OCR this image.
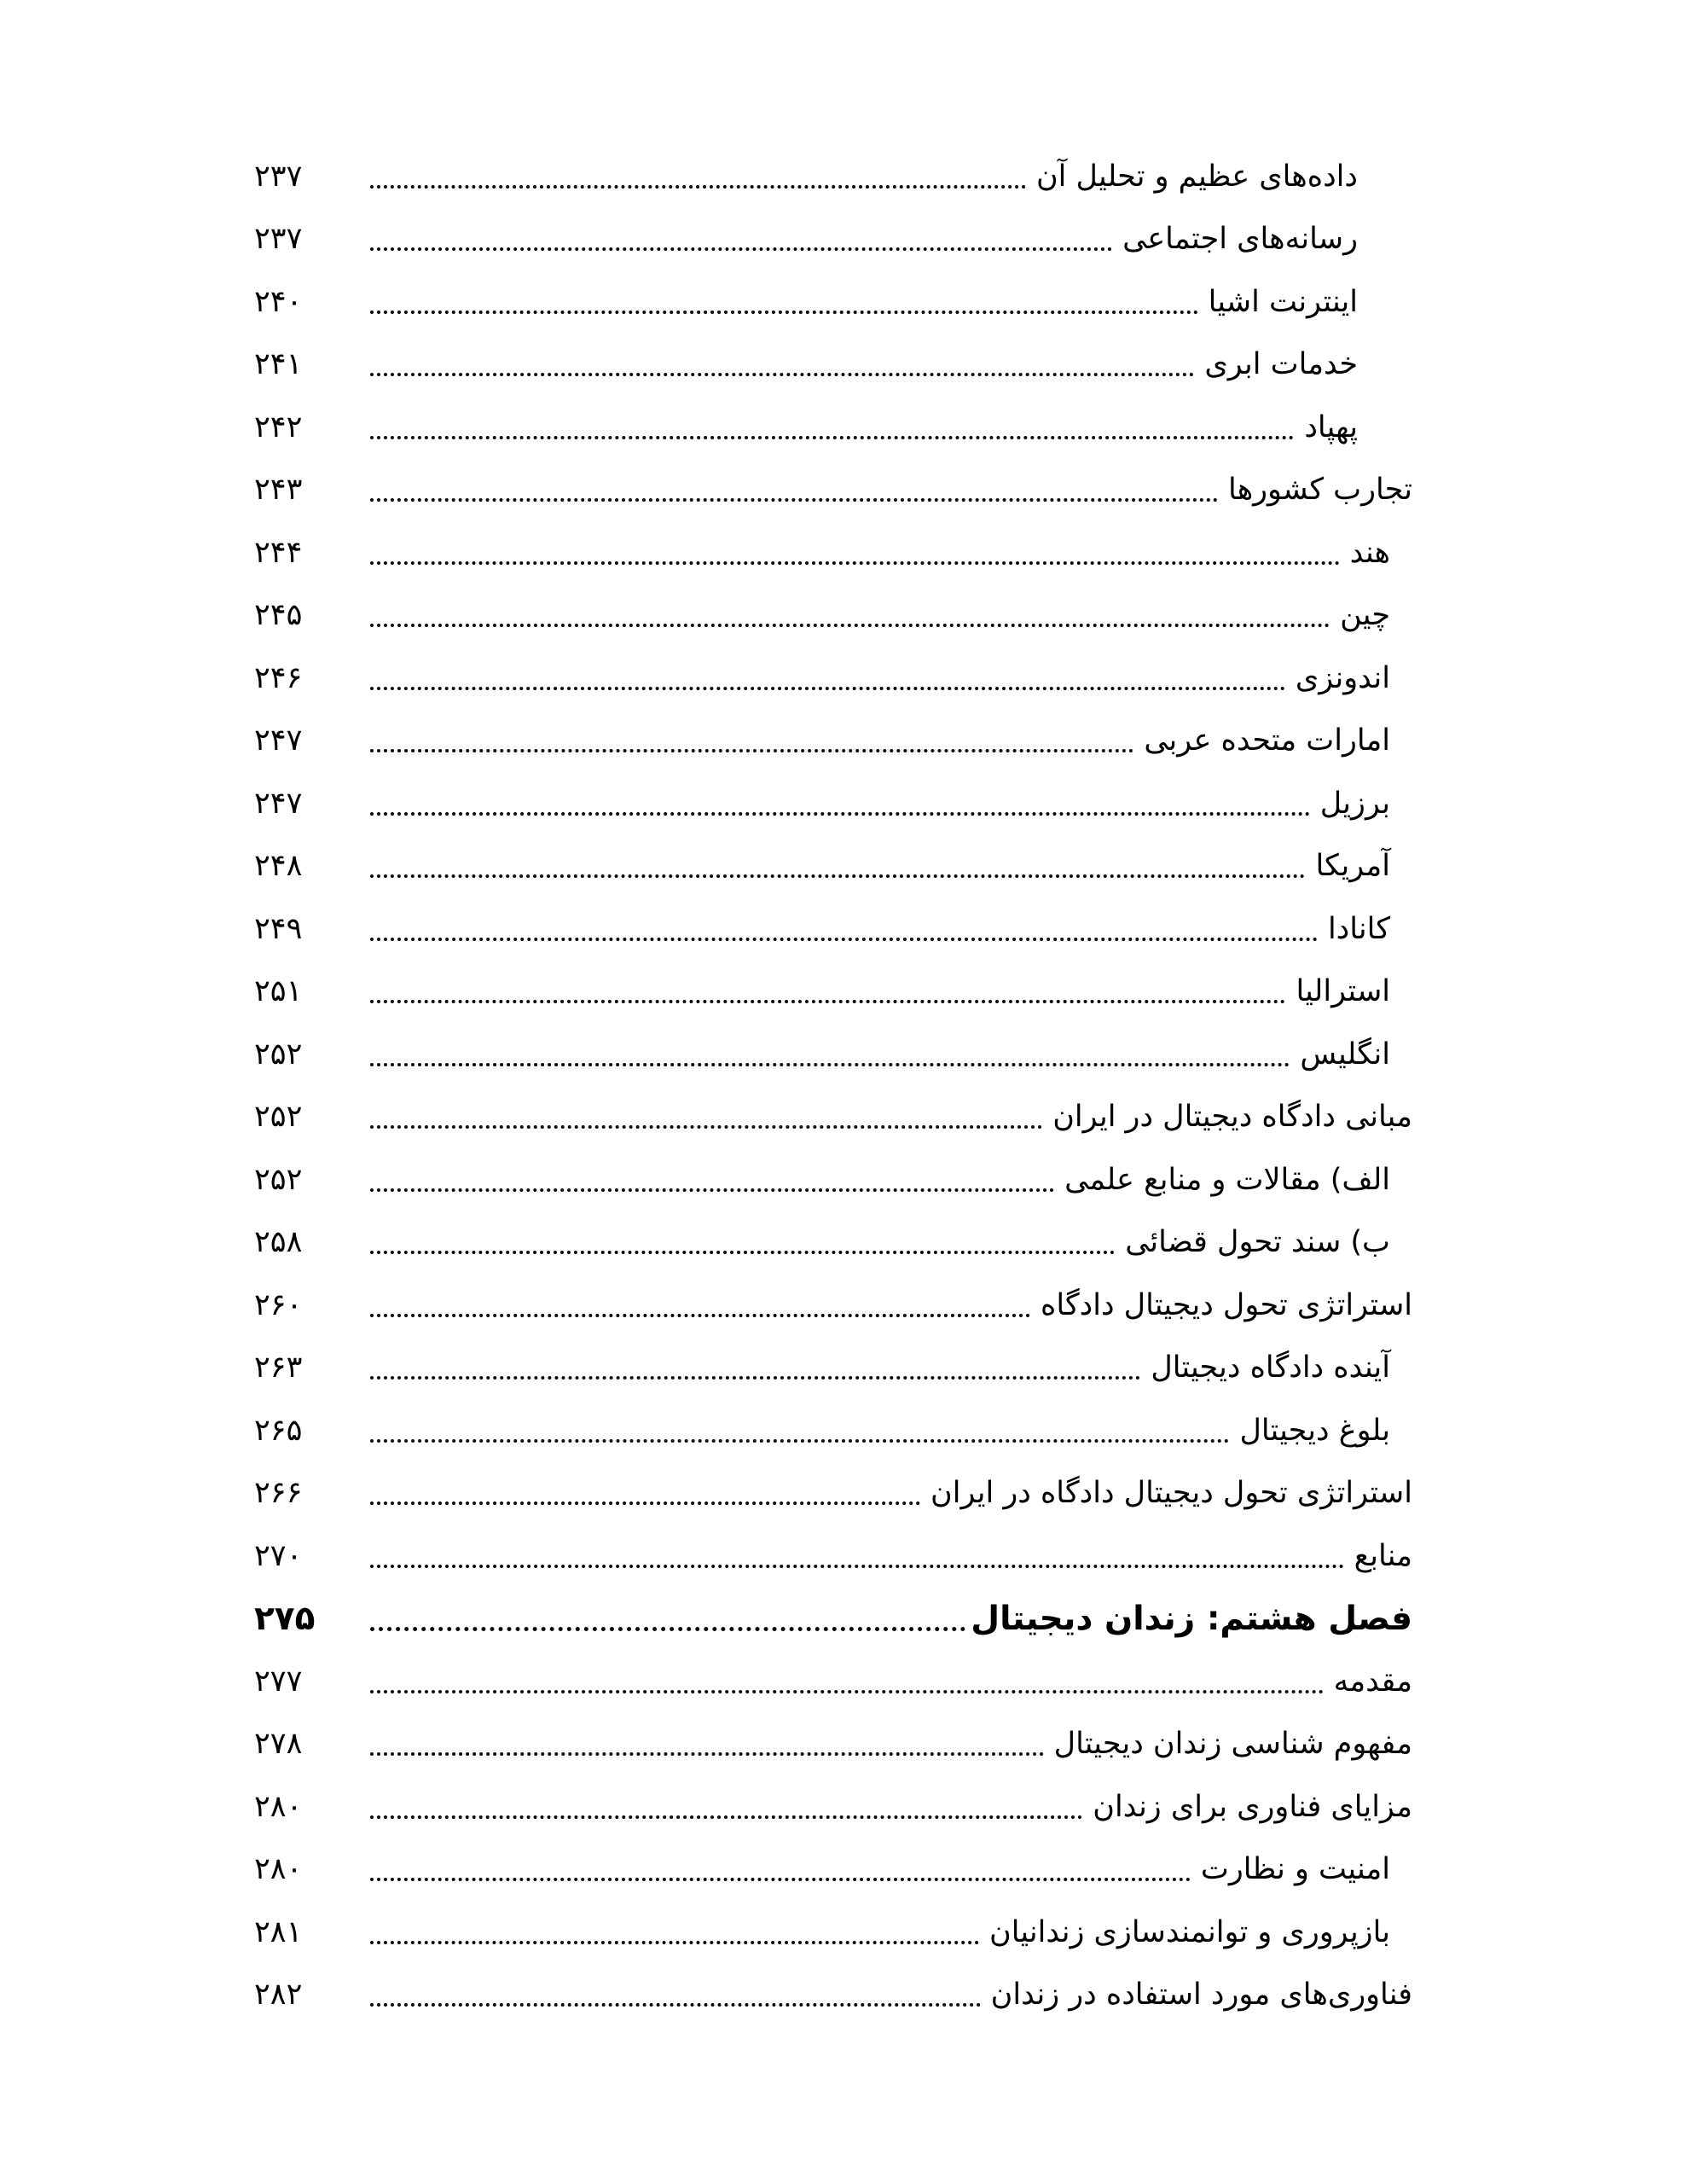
داده‌های عظیم و تحلیل آن
۲۳۷
رسانه‌های اجتماعی
۲۳۷
اینترنت اشیا
۲۴۰
خدمات ابری
۲۴۱
پهپاد
۲۴۲
تجارب کشورها
۲۴۳
هند
۲۴۴
چین
۲۴۵
اندونزی
۲۴۶
امارات متحده عربی
۲۴۷
برزیل
۲۴۷
آمریکا
۲۴۸
کانادا
۲۴۹
استرالیا
۲۵۱
انگلیس
۲۵۲
مبانی دادگاه دیجیتال در ایران
۲۵۲
الف) مقالات و منابع علمی
۲۵۲
ب) سند تحول قضائی
۲۵۸
استراتژی تحول دیجیتال دادگاه
۲۶۰
آینده دادگاه دیجیتال
۲۶۳
بلوغ دیجیتال
۲۶۵
استراتژی تحول دیجیتال دادگاه در ایران
۲۶۶
منابع
۲۷۰
فصل هشتم: زندان دیجیتال
۲۷۵
مقدمه
۲۷۷
مفهوم شناسی زندان دیجیتال
۲۷۸
مزایای فناوری برای زندان
۲۸۰
امنیت و نظارت
۲۸۰
بازپروری و توانمندسازی زندانیان
۲۸۱
فناوری‌های مورد استفاده در زندان
۲۸۲
